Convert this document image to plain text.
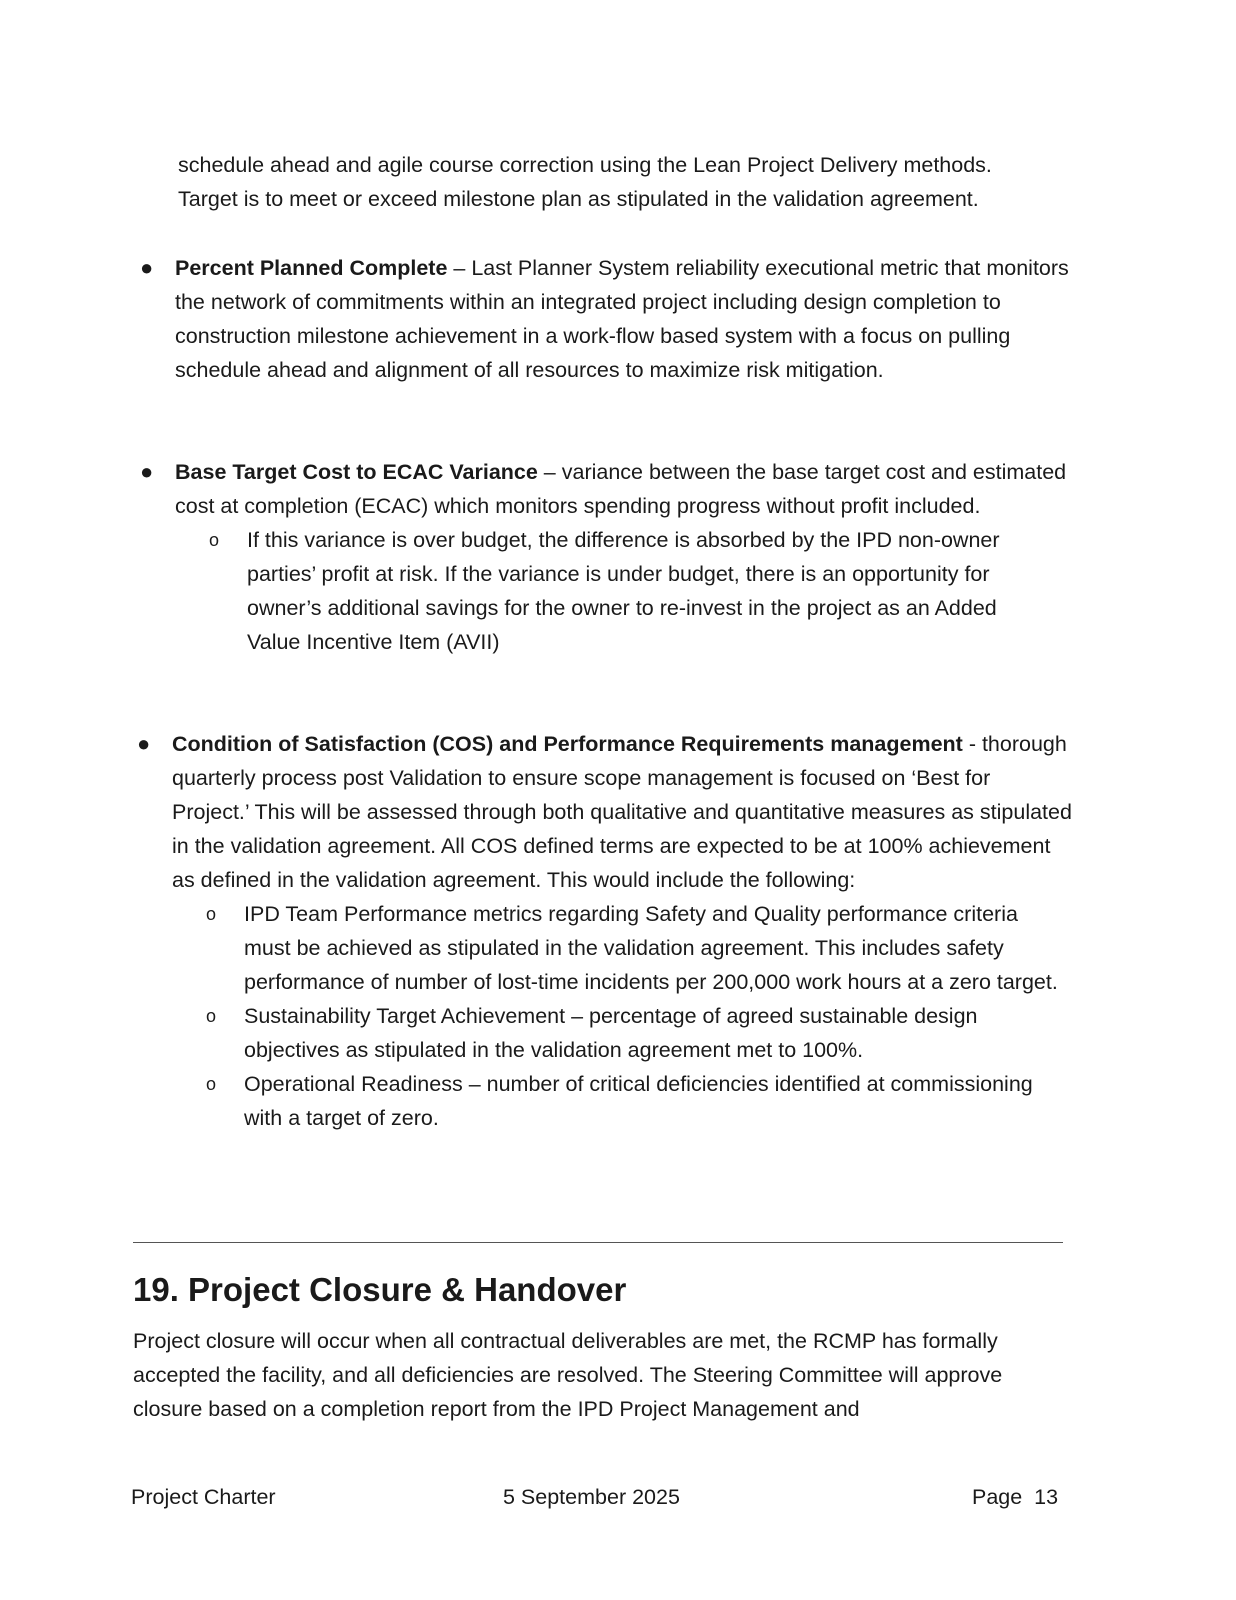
schedule ahead and agile course correction using the Lean Project Delivery methods.
Target is to meet or exceed milestone plan as stipulated in the validation agreement.
● Percent Planned Complete – Last Planner System reliability executional metric that monitors the network of commitments within an integrated project including design completion to construction milestone achievement in a work-flow based system with a focus on pulling schedule ahead and alignment of all resources to maximize risk mitigation.
● Base Target Cost to ECAC Variance – variance between the base target cost and estimated cost at completion (ECAC) which monitors spending progress without profit included.
o If this variance is over budget, the difference is absorbed by the IPD non-owner parties’ profit at risk. If the variance is under budget, there is an opportunity for owner’s additional savings for the owner to re-invest in the project as an Added Value Incentive Item (AVII)
● Condition of Satisfaction (COS) and Performance Requirements management - thorough quarterly process post Validation to ensure scope management is focused on ‘Best for Project.’ This will be assessed through both qualitative and quantitative measures as stipulated in the validation agreement. All COS defined terms are expected to be at 100% achievement as defined in the validation agreement. This would include the following:
o IPD Team Performance metrics regarding Safety and Quality performance criteria must be achieved as stipulated in the validation agreement. This includes safety performance of number of lost-time incidents per 200,000 work hours at a zero target.
o Sustainability Target Achievement – percentage of agreed sustainable design objectives as stipulated in the validation agreement met to 100%.
o Operational Readiness – number of critical deficiencies identified at commissioning with a target of zero.
19. Project Closure & Handover
Project closure will occur when all contractual deliverables are met, the RCMP has formally accepted the facility, and all deficiencies are resolved. The Steering Committee will approve closure based on a completion report from the IPD Project Management and
Project Charter	5 September 2025	Page  13
